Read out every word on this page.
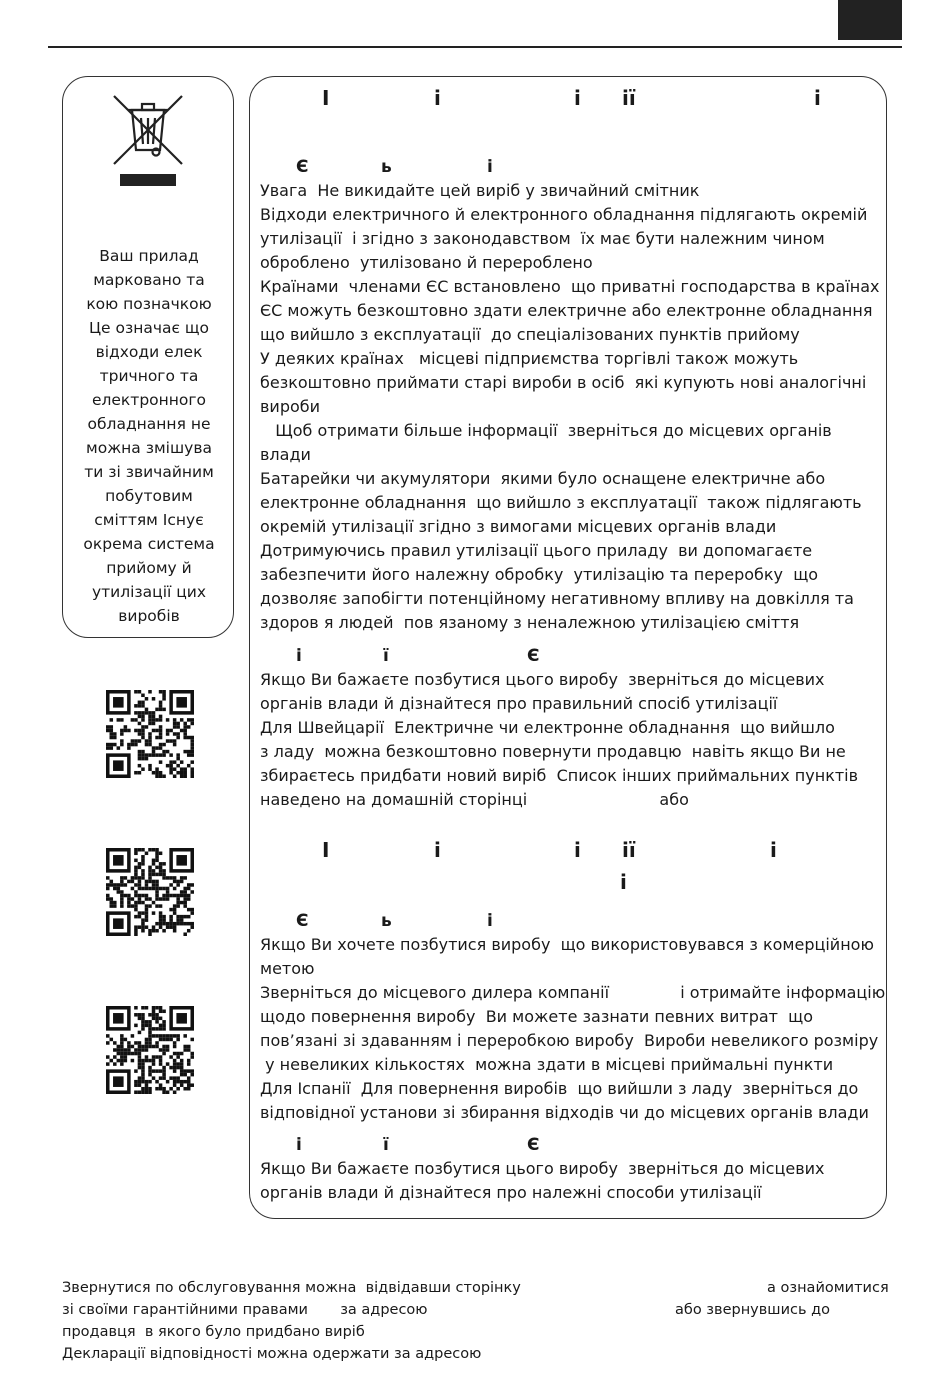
Ваш прилад
марковано та
кою позначкою
Це означає що
відходи елек
тричного та
електронного
обладнання не
можна змішува
ти зі звичайним
побутовим
сміттям Існує
окрема система
прийому й
утилізації цих
виробів
І	і	і ії	і
Є	ь	і
Увага  Не викидайте цей виріб у звичайний смітник
Відходи електричного й електронного обладнання підлягають окремій
утилізації  і згідно з законодавством  їх має бути належним чином
оброблено  утилізовано й перероблено
Країнами  членами ЄС встановлено  що приватні господарства в країнах
ЄС можуть безкоштовно здати електричне або електронне обладнання
що вийшло з експлуатації  до спеціалізованих пунктів прийому
У деяких країнах   місцеві підприємства торгівлі також можуть
безкоштовно приймати старі вироби в осіб  які купують нові аналогічні
вироби
Щоб отримати більше інформації  зверніться до місцевих органів
влади
Батарейки чи акумулятори  якими було оснащене електричне або
електронне обладнання  що вийшло з експлуатації  також підлягають
окремій утилізації згідно з вимогами місцевих органів влади
Дотримуючись правил утилізації цього приладу  ви допомагаєте
забезпечити його належну обробку  утилізацію та переробку  що
дозволяє запобігти потенційному негативному впливу на довкілля та
здоров я людей  пов язаному з неналежною утилізацією сміття
і	ї	Є
Якщо Ви бажаєте позбутися цього виробу  зверніться до місцевих
органів влади й дізнайтеся про правильний спосіб утилізації
Для Швейцарії  Електричне чи електронне обладнання  що вийшло
з ладу  можна безкоштовно повернути продавцю  навіть якщо Ви не
збираєтесь придбати новий виріб  Список інших приймальних пунктів
наведено на домашній сторінці                          або
І	і	і ії	і
і
Є	ь	і
Якщо Ви хочете позбутися виробу  що використовувався з комерційною
метою
Зверніться до місцевого дилера компанії              і отримайте інформацію
щодо повернення виробу  Ви можете зазнати певних витрат  що
пов’язані зі здаванням і переробкою виробу  Вироби невеликого розміру
у невеликих кількостях  можна здати в місцеві приймальні пункти
Для Іспанії  Для повернення виробів  що вийшли з ладу  зверніться до
відповідної установи зі збирання відходів чи до місцевих органів влади
і	ї	Є
Якщо Ви бажаєте позбутися цього виробу  зверніться до місцевих
органів влади й дізнайтеся про належні способи утилізації
Звернутися по обслуговування можна  відвідавши сторінку	а ознайомитися
зі своїми гарантійними правами       за адресою	або звернувшись до
продавця  в якого було придбано виріб
Декларації відповідності можна одержати за адресою
